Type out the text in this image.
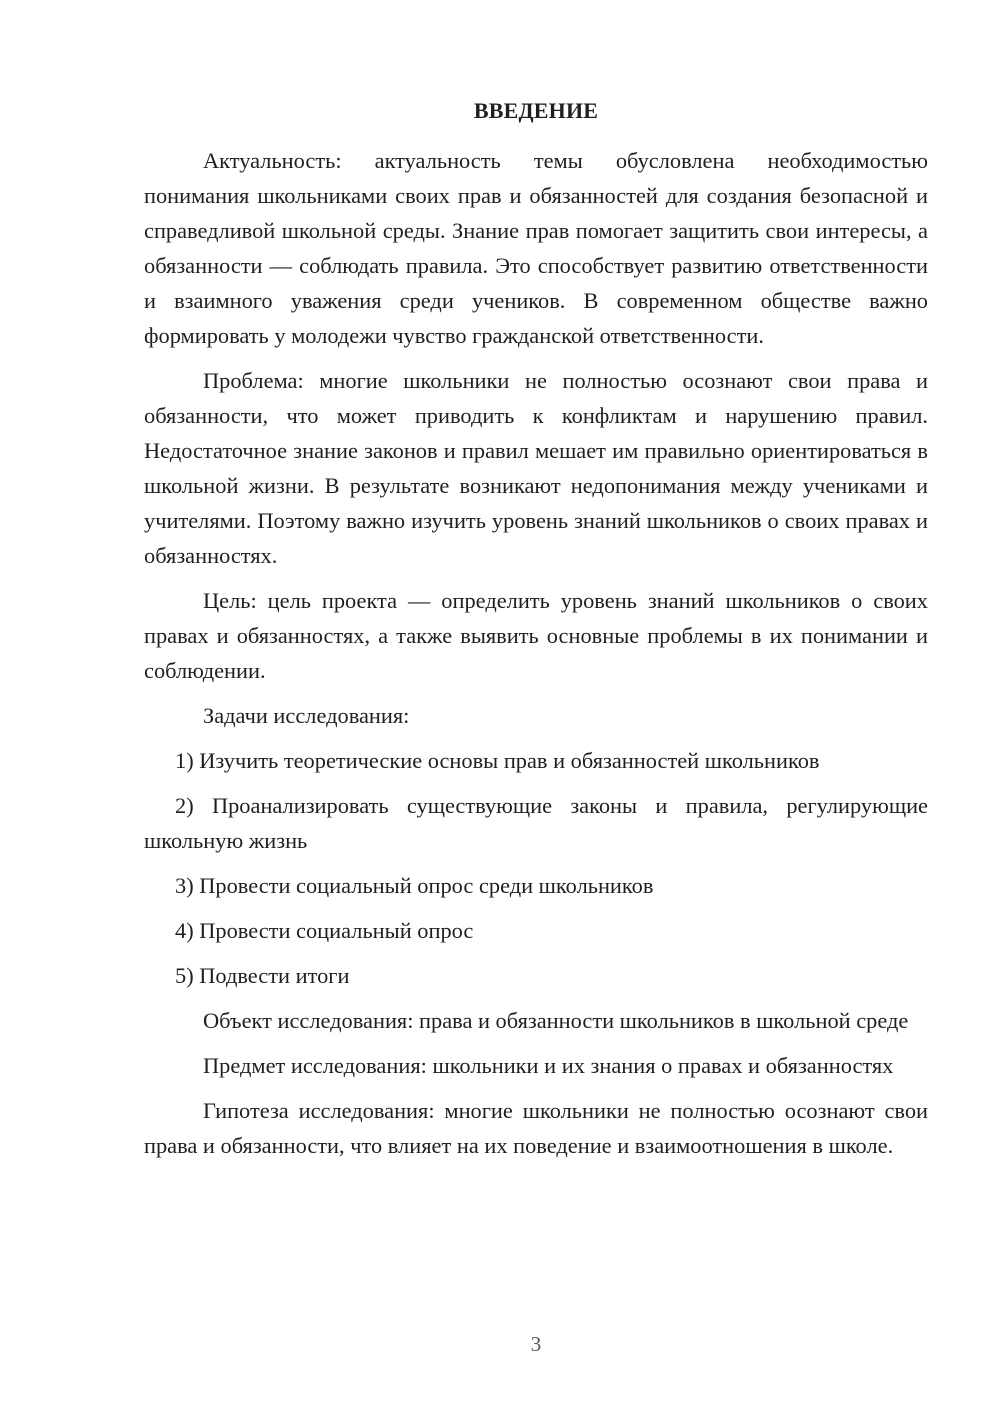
ВВЕДЕНИЕ

Актуальность: актуальность темы обусловлена необходимостью понимания школьниками своих прав и обязанностей для создания безопасной и справедливой школьной среды. Знание прав помогает защитить свои интересы, а обязанности — соблюдать правила. Это способствует развитию ответственности и взаимного уважения среди учеников. В современном обществе важно формировать у молодежи чувство гражданской ответственности.

Проблема: многие школьники не полностью осознают свои права и обязанности, что может приводить к конфликтам и нарушению правил. Недостаточное знание законов и правил мешает им правильно ориентироваться в школьной жизни. В результате возникают недопонимания между учениками и учителями. Поэтому важно изучить уровень знаний школьников о своих правах и обязанностях.

Цель: цель проекта — определить уровень знаний школьников о своих правах и обязанностях, а также выявить основные проблемы в их понимании и соблюдении.

Задачи исследования:

1) Изучить теоретические основы прав и обязанностей школьников

2) Проанализировать существующие законы и правила, регулирующие школьную жизнь

3) Провести социальный опрос среди школьников

4) Провести социальный опрос

5) Подвести итоги

Объект исследования: права и обязанности школьников в школьной среде

Предмет исследования: школьники и их знания о правах и обязанностях

Гипотеза исследования: многие школьники не полностью осознают свои права и обязанности, что влияет на их поведение и взаимоотношения в школе.

3
